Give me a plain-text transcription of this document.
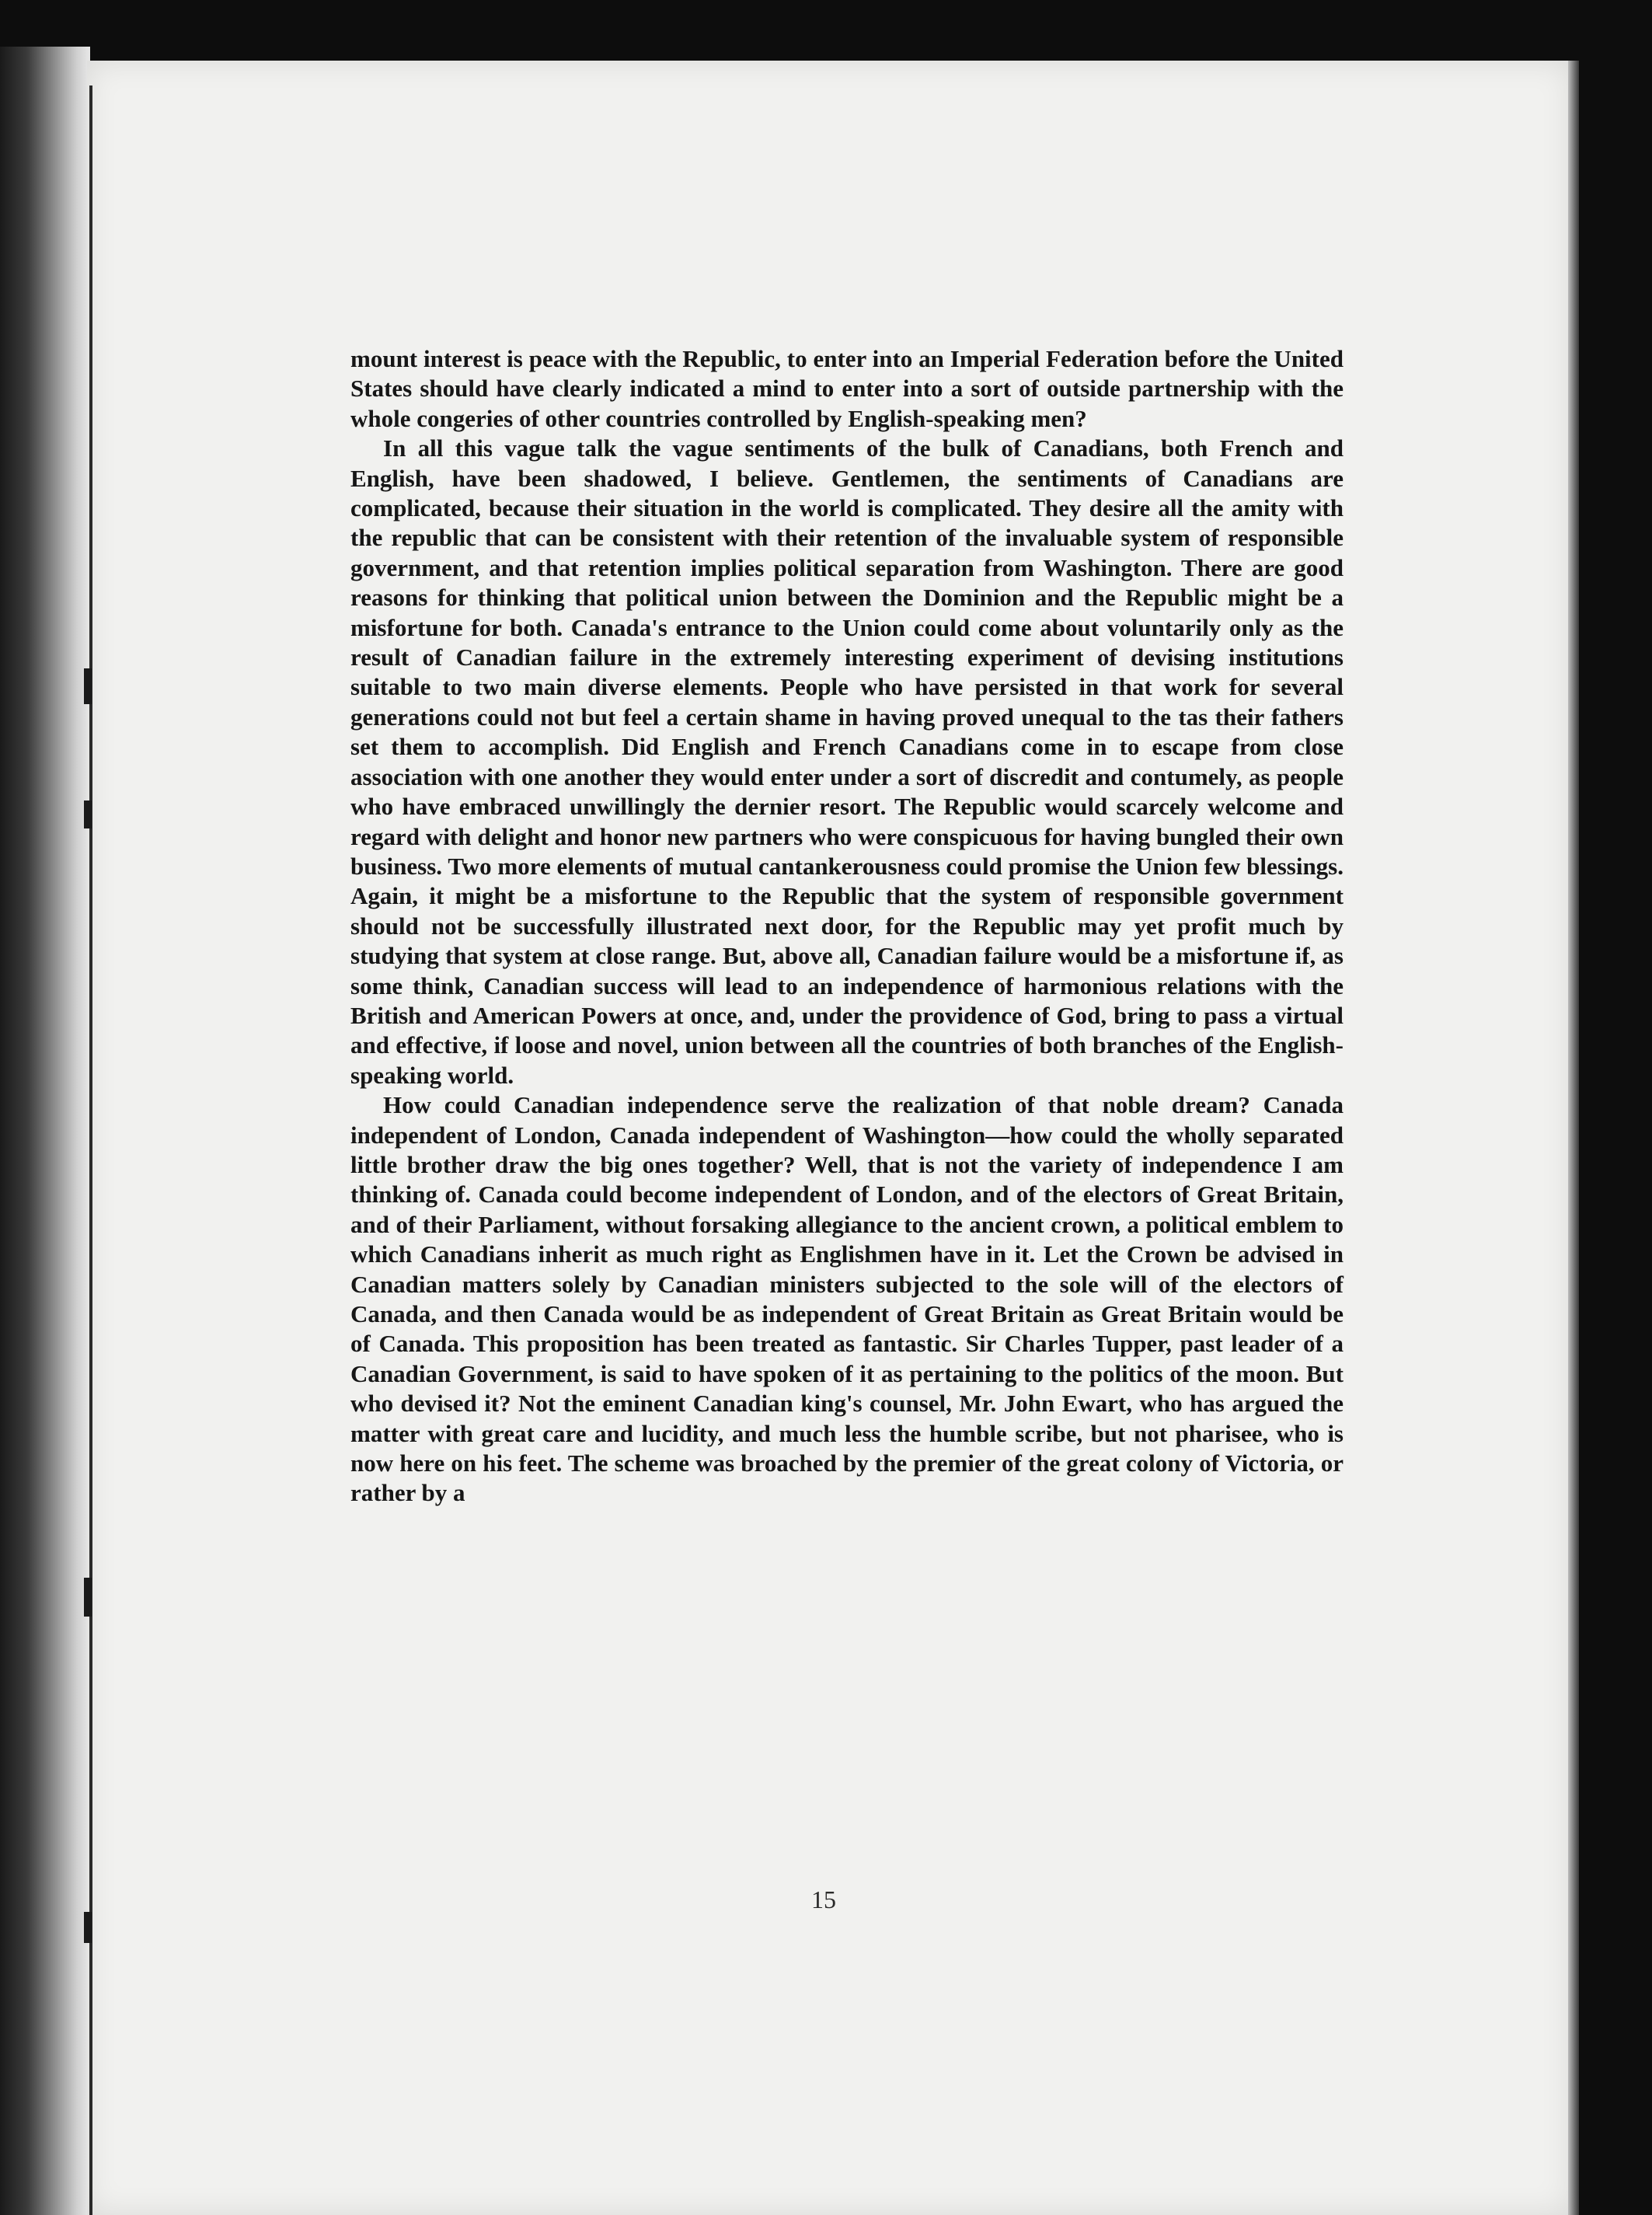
mount interest is peace with the Republic, to enter into an Imperial Federation before the United States should have clearly indicated a mind to enter into a sort of outside partnership with the whole congeries of other countries controlled by English-speaking men?

In all this vague talk the vague sentiments of the bulk of Canadians, both French and English, have been shadowed, I believe. Gentlemen, the sentiments of Canadians are complicated, because their situation in the world is complicated. They desire all the amity with the republic that can be consistent with their retention of the invaluable system of responsible government, and that retention implies political separation from Washington. There are good reasons for thinking that political union between the Dominion and the Republic might be a misfortune for both. Canada's entrance to the Union could come about voluntarily only as the result of Canadian failure in the extremely interesting experiment of devising institutions suitable to two main diverse elements. People who have persisted in that work for several generations could not but feel a certain shame in having proved unequal to the tas their fathers set them to accomplish. Did English and French Canadians come in to escape from close association with one another they would enter under a sort of discredit and contumely, as people who have embraced unwillingly the dernier resort. The Republic would scarcely welcome and regard with delight and honor new partners who were conspicuous for having bungled their own business. Two more elements of mutual cantankerousness could promise the Union few blessings. Again, it might be a misfortune to the Republic that the system of responsible government should not be successfully illustrated next door, for the Republic may yet profit much by studying that system at close range. But, above all, Canadian failure would be a misfortune if, as some think, Canadian success will lead to an independence of harmonious relations with the British and American Powers at once, and, under the providence of God, bring to pass a virtual and effective, if loose and novel, union between all the countries of both branches of the English-speaking world.

How could Canadian independence serve the realization of that noble dream? Canada independent of London, Canada independent of Washington—how could the wholly separated little brother draw the big ones together? Well, that is not the variety of independence I am thinking of. Canada could become independent of London, and of the electors of Great Britain, and of their Parliament, without forsaking allegiance to the ancient crown, a political emblem to which Canadians inherit as much right as Englishmen have in it. Let the Crown be advised in Canadian matters solely by Canadian ministers subjected to the sole will of the electors of Canada, and then Canada would be as independent of Great Britain as Great Britain would be of Canada. This proposition has been treated as fantastic. Sir Charles Tupper, past leader of a Canadian Government, is said to have spoken of it as pertaining to the politics of the moon. But who devised it? Not the eminent Canadian king's counsel, Mr. John Ewart, who has argued the matter with great care and lucidity, and much less the humble scribe, but not pharisee, who is now here on his feet. The scheme was broached by the premier of the great colony of Victoria, or rather by a

15
